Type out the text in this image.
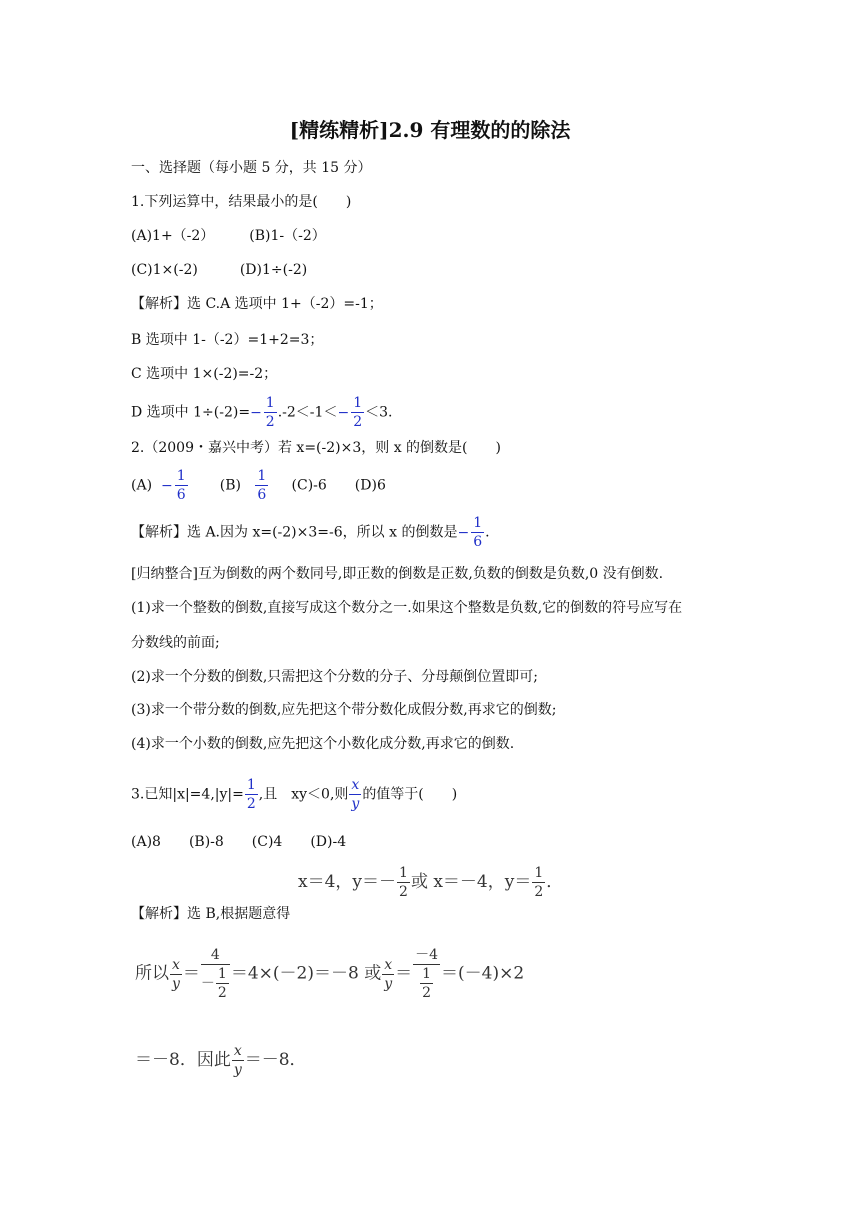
[精练精析]2.9 有理数的的除法
一、选择题（每小题 5 分，共 15 分）
1.下列运算中，结果最小的是(　　)
(A)1+（-2）　　　(B)1-（-2）
(C)1×(-2)　　　(D)1÷(-2)
【解析】选 C.A 选项中 1+（-2）=-1；
B 选项中 1-（-2）=1+2=3；
C 选项中 1×(-2)=-2；
D 选项中 $1\div(-2)=- \frac{1}{2} .-2<-1<- \frac{1}{2} <3$.
2.（2009・嘉兴中考）若 x=(-2)×3，则 x 的倒数是(　　)
$(A) - \frac{1}{6} (B) \frac{1}{6} (C)-6$　　(D)6
【解析】选 A.因为 x=(-2)×3=-6，所以 x 的倒数是− $\frac{1}{6}$ .
[归纳整合]互为倒数的两个数同号,即正数的倒数是正数,负数的倒数是负数,0 没有倒数.
(1)求一个整数的倒数,直接写成这个数分之一.如果这个整数是负数,它的倒数的符号应写在
分数线的前面;
(2)求一个分数的倒数,只需把这个分数的分子、分母颠倒位置即可;
(3)求一个带分数的倒数,应先把这个带分数化成假分数,再求它的倒数;
(4)求一个小数的倒数,应先把这个小数化成分数,再求它的倒数.
3.已知$|x|=4,|y|= \frac{1}{2}$ ,且　xy＜0,则 $\frac{x}{y}$ 的值等于(　　)
(A)8　　(B)-8　　(C)4　　(D)-4
x＝4，$y=- \frac{1}{2}$ 或 x＝－4，$y= \frac{1}{2}$ ．
【解析】选 B,根据题意得
所以 $\frac{x}{y} = \frac{4}{- \frac{1}{2}} =4\times(-2)=-8$ 或 $\frac{x}{y} = \frac{-4}{\frac{1}{2}} =(-4)\times 2$
＝－8．因此 $\frac{x}{y} =-8$．
